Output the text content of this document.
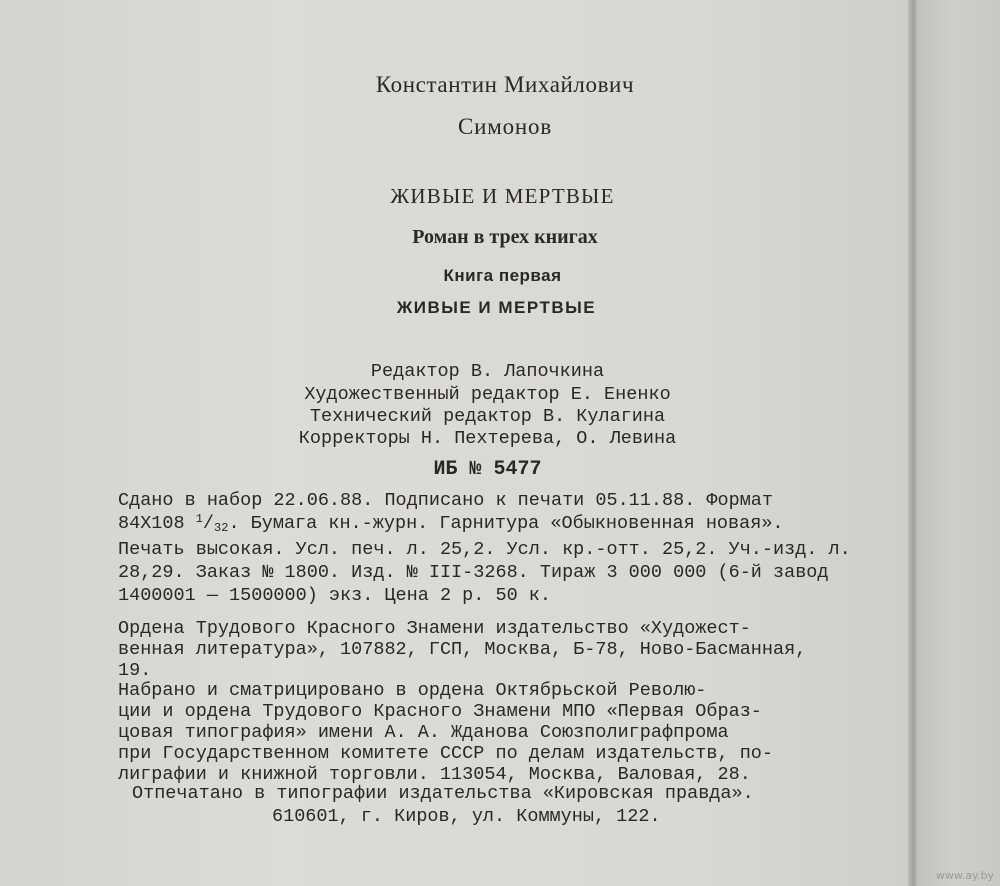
Константин Михайлович
Симонов
ЖИВЫЕ И МЕРТВЫЕ
Роман в трех книгах
Книга первая
ЖИВЫЕ И МЕРТВЫЕ
Редактор В. Лапочкина
Художественный редактор Е. Ененко
Технический редактор В. Кулагина
Корректоры Н. Пехтерева, О. Левина
ИБ № 5477
Сдано в набор 22.06.88. Подписано к печати 05.11.88. Формат
84Х108 $^1/_{32}$. Бумага кн.-журн. Гарнитура «Обыкновенная новая».
Печать высокая. Усл. печ. л. 25,2. Усл. кр.-отт. 25,2. Уч.-изд. л.
28,29. Заказ № 1800. Изд. № III-3268. Тираж 3 000 000 (6-й завод
1400001 — 1500000) экз. Цена 2 р. 50 к.
Ордена Трудового Красного Знамени издательство «Художест-
венная литература», 107882, ГСП, Москва, Б-78, Ново-Басманная,
19.
Набрано и сматрицировано в ордена Октябрьской Револю-
ции и ордена Трудового Красного Знамени МПО «Первая Образ-
цовая типография» имени А. А. Жданова Союзполиграфпрома
при Государственном комитете СССР по делам издательств, по-
лиграфии и книжной торговли. 113054, Москва, Валовая, 28.
Отпечатано в типографии издательства «Кировская правда».
610601, г. Киров, ул. Коммуны, 122.
www.ay.by
